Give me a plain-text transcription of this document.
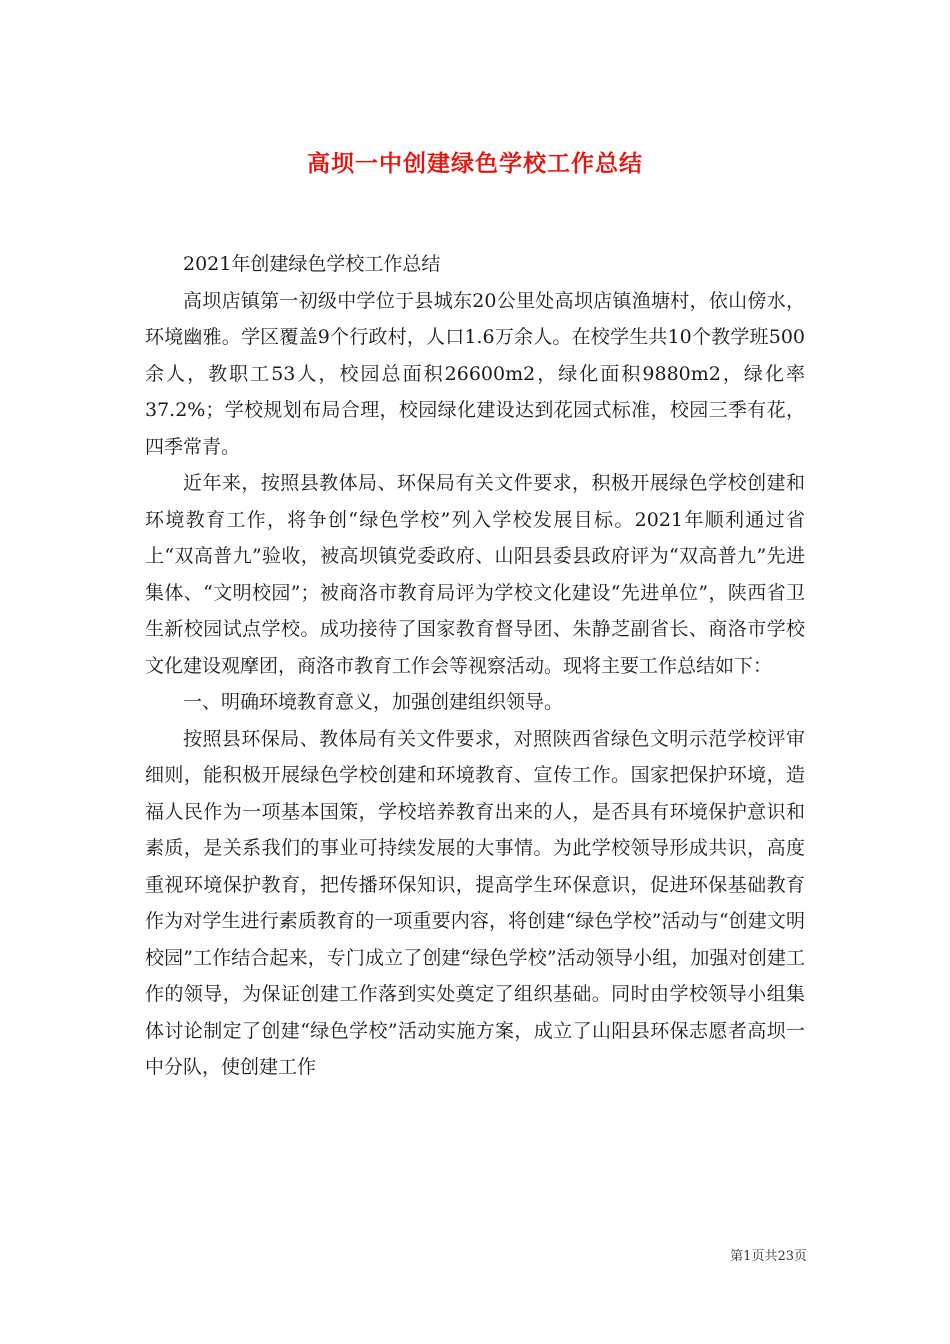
高坝一中创建绿色学校工作总结

2021年创建绿色学校工作总结

高坝店镇第一初级中学位于县城东20公里处高坝店镇渔塘村，依山傍水，环境幽雅。学区覆盖9个行政村，人口1.6万余人。在校学生共10个教学班500余人，教职工53人，校园总面积26600m2，绿化面积9880m2，绿化率37.2%；学校规划布局合理，校园绿化建设达到花园式标准，校园三季有花，四季常青。

近年来，按照县教体局、环保局有关文件要求，积极开展绿色学校创建和环境教育工作，将争创“绿色学校”列入学校发展目标。2021年顺利通过省上“双高普九”验收，被高坝镇党委政府、山阳县委县政府评为“双高普九”先进集体、“文明校园”；被商洛市教育局评为学校文化建设“先进单位”，陕西省卫生新校园试点学校。成功接待了国家教育督导团、朱静芝副省长、商洛市学校文化建设观摩团，商洛市教育工作会等视察活动。现将主要工作总结如下：

一、明确环境教育意义，加强创建组织领导。

按照县环保局、教体局有关文件要求，对照陕西省绿色文明示范学校评审细则，能积极开展绿色学校创建和环境教育、宣传工作。国家把保护环境，造福人民作为一项基本国策，学校培养教育出来的人，是否具有环境保护意识和素质，是关系我们的事业可持续发展的大事情。为此学校领导形成共识，高度重视环境保护教育，把传播环保知识，提高学生环保意识，促进环保基础教育作为对学生进行素质教育的一项重要内容，将创建“绿色学校”活动与“创建文明校园”工作结合起来，专门成立了创建“绿色学校”活动领导小组，加强对创建工作的领导，为保证创建工作落到实处奠定了组织基础。同时由学校领导小组集体讨论制定了创建“绿色学校”活动实施方案，成立了山阳县环保志愿者高坝一中分队，使创建工作

第1页共23页
